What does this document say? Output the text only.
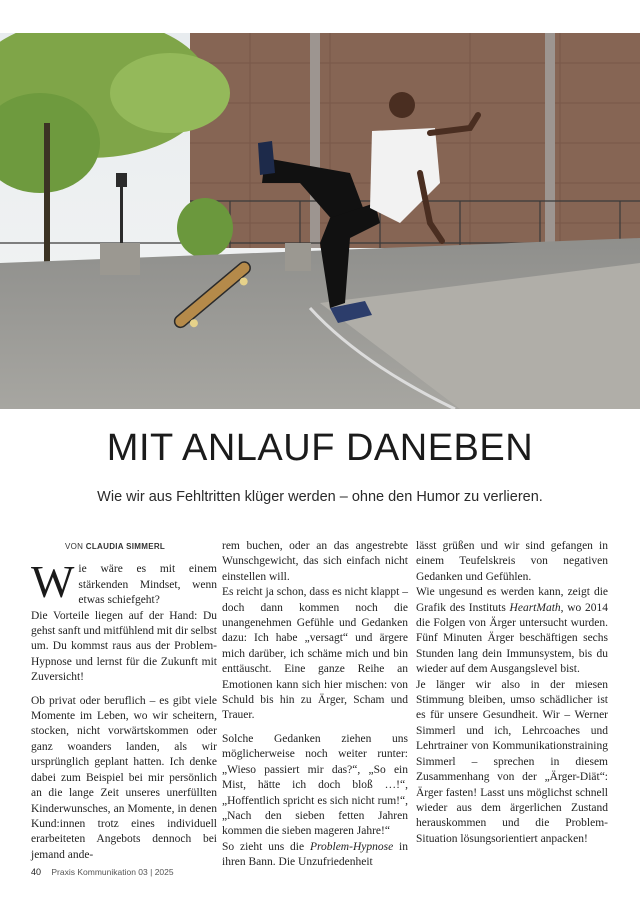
MIT ANLAUF DANEBEN
Wie wir aus Fehltritten klüger werden – ohne den Humor zu verlieren.
VON CLAUDIA SIMMERL

Wie wäre es mit einem stärkenden Mindset, wenn etwas schiefgeht?
Die Vorteile liegen auf der Hand: Du gehst sanft und mitfühlend mit dir selbst um. Du kommst raus aus der Problem-Hypnose und lernst für die Zukunft mit Zuversicht!

Ob privat oder beruflich – es gibt viele Momente im Leben, wo wir scheitern, stocken, nicht vorwärtskommen oder ganz woanders landen, als wir ursprünglich geplant hatten. Ich denke dabei zum Beispiel bei mir persönlich an die lange Zeit unseres unerfüllten Kinderwunsches, an Momente, in denen Kund:innen trotz eines individuell erarbeiteten Angebots dennoch bei jemand ande-

rem buchen, oder an das angestrebte Wunschgewicht, das sich einfach nicht einstellen will.
Es reicht ja schon, dass es nicht klappt – doch dann kommen noch die unangenehmen Gefühle und Gedanken dazu: Ich habe „versagt“ und ärgere mich darüber, ich schäme mich und bin enttäuscht. Eine ganze Reihe an Emotionen kann sich hier mischen: von Schuld bis hin zu Ärger, Scham und Trauer.

Solche Gedanken ziehen uns möglicherweise noch weiter runter: „Wieso passiert mir das?“, „So ein Mist, hätte ich doch bloß …!“, „Hoffentlich spricht es sich nicht rum!“, „Nach den sieben fetten Jahren kommen die sieben mageren Jahre!“
So zieht uns die Problem-Hypnose in ihren Bann. Die Unzufriedenheit

lässt grüßen und wir sind gefangen in einem Teufelskreis von negativen Gedanken und Gefühlen.

Wie ungesund es werden kann, zeigt die Grafik des Instituts HeartMath, wo 2014 die Folgen von Ärger untersucht wurden. Fünf Minuten Ärger beschäftigen sechs Stunden lang dein Immunsystem, bis du wieder auf dem Ausgangslevel bist.

Je länger wir also in der miesen Stimmung bleiben, umso schädlicher ist es für unsere Gesundheit. Wir – Werner Simmerl und ich, Lehrcoaches und Lehrtrainer von Kommunikationstraining Simmerl – sprechen in diesem Zusammenhang von der „Ärger-Diät“: Ärger fasten! Lasst uns möglichst schnell wieder aus dem ärgerlichen Zustand herauskommen und die Problem-Situation lösungsorientiert anpacken!

40 Praxis Kommunikation 03 | 2025
